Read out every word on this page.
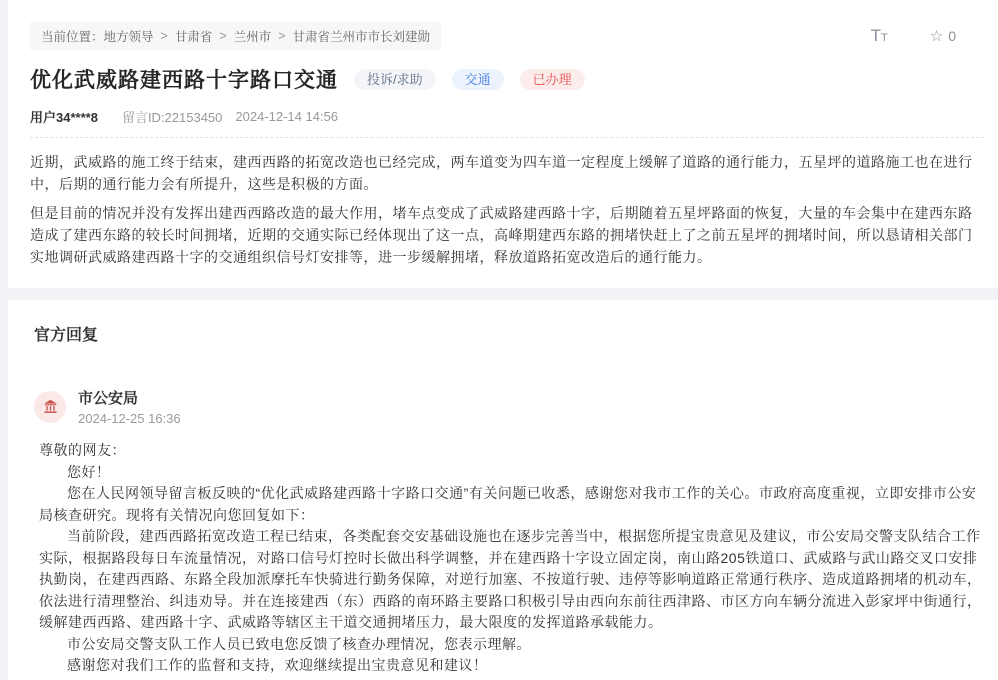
当前位置： 地方领导 > 甘肃省 > 兰州市 > 甘肃省兰州市市长刘建勋	TT	☆ 0
优化武威路建西路十字路口交通	投诉/求助	交通	已办理
用户34****8 留言ID:22153450 2024-12-14 14:56

近期，武威路的施工终于结束，建西西路的拓宽改造也已经完成，两车道变为四车道一定程度上缓解了道路的通行能力，五星坪的道路施工也在进行中，后期的通行能力会有所提升，这些是积极的方面。

但是目前的情况并没有发挥出建西西路改造的最大作用，堵车点变成了武威路建西路十字，后期随着五星坪路面的恢复，大量的车会集中在建西东路造成了建西东路的较长时间拥堵，近期的交通实际已经体现出了这一点，高峰期建西东路的拥堵快赶上了之前五星坪的拥堵时间，所以恳请相关部门实地调研武威路建西路十字的交通组织信号灯安排等，进一步缓解拥堵，释放道路拓宽改造后的通行能力。

官方回复
市公安局
2024-12-25 16:36

尊敬的网友：

您好！

您在人民网领导留言板反映的“优化武威路建西路十字路口交通”有关问题已收悉，感谢您对我市工作的关心。市政府高度重视，立即安排市公安局核查研究。现将有关情况向您回复如下：

当前阶段，建西西路拓宽改造工程已结束，各类配套交安基础设施也在逐步完善当中，根据您所提宝贵意见及建议，市公安局交警支队结合工作实际，根据路段每日车流量情况，对路口信号灯控时长做出科学调整，并在建西路十字设立固定岗，南山路205铁道口、武威路与武山路交叉口安排执勤岗，在建西西路、东路全段加派摩托车快骑进行勤务保障，对逆行加塞、不按道行驶、违停等影响道路正常通行秩序、造成道路拥堵的机动车，依法进行清理整治、纠违劝导。并在连接建西（东）西路的南环路主要路口积极引导由西向东前往西津路、市区方向车辆分流进入彭家坪中街通行，缓解建西西路、建西路十字、武威路等辖区主干道交通拥堵压力，最大限度的发挥道路承载能力。

市公安局交警支队工作人员已致电您反馈了核查办理情况，您表示理解。

感谢您对我们工作的监督和支持，欢迎继续提出宝贵意见和建议！
